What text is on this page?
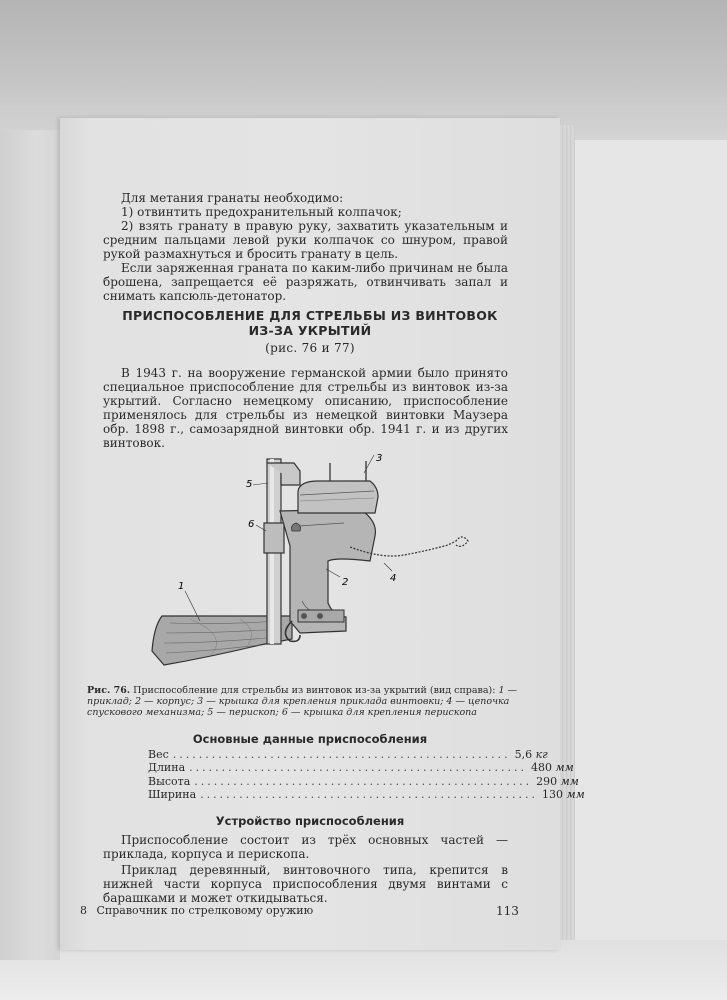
Для метания гранаты необходимо:

1) отвинтить предохранительный колпачок;

2) взять гранату в правую руку, захватить указательным и средним пальцами левой руки колпачок со шнуром, правой рукой размахнуться и бросить гранату в цель.

Если заряженная граната по каким-либо причинам не была брошена, запрещается её разряжать, отвинчивать запал и снимать капсюль-детонатор.

ПРИСПОСОБЛЕНИЕ ДЛЯ СТРЕЛЬБЫ ИЗ ВИНТОВОК
ИЗ-ЗА УКРЫТИЙ
(рис. 76 и 77)

В 1943 г. на вооружение германской армии было принято специальное приспособление для стрельбы из винтовок из-за укрытий. Согласно немецкому описанию, приспособление применялось для стрельбы из немецкой винтовки Маузера обр. 1898 г., самозарядной винтовки обр. 1941 г. и из других винтовок.

1	2
3
4
5
6
Рис. 76. Приспособление для стрельбы из винтовок из-за укрытий (вид справа): 1 — приклад; 2 — корпус; 3 — крышка для крепления приклада винтовки; 4 — цепочка спускового механизма; 5 — перископ; 6 — крышка для крепления перископа
Основные данные приспособления
Вес .................................................... 5,6 кг
Длина .................................................... 480 мм
Высота .................................................... 290 мм
Ширина .................................................... 130 мм
Устройство приспособления

Приспособление состоит из трёх основных частей — приклада, корпуса и перископа.

Приклад деревянный, винтовочного типа, крепится в нижней части корпуса приспособления двумя винтами с барашками и может откидываться.

8 Справочник по стрелковому оружию	113
